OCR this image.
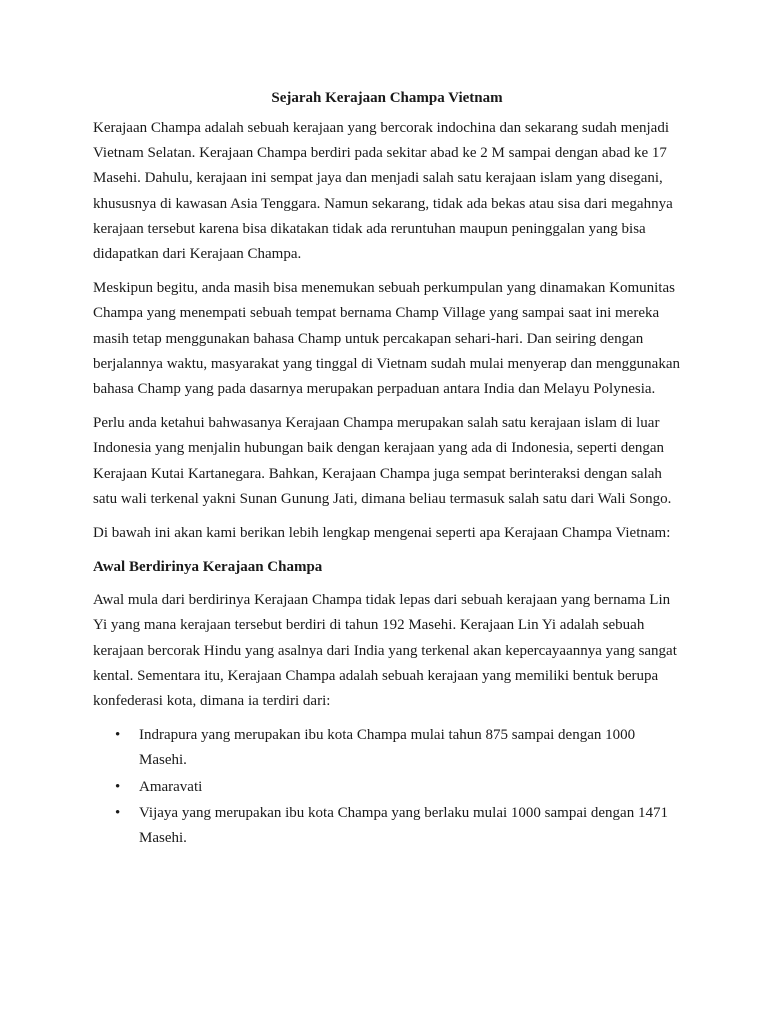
Sejarah Kerajaan Champa Vietnam

Kerajaan Champa adalah sebuah kerajaan yang bercorak indochina dan sekarang sudah menjadi Vietnam Selatan. Kerajaan Champa berdiri pada sekitar abad ke 2 M sampai dengan abad ke 17 Masehi. Dahulu, kerajaan ini sempat jaya dan menjadi salah satu kerajaan islam yang disegani, khususnya di kawasan Asia Tenggara. Namun sekarang, tidak ada bekas atau sisa dari megahnya kerajaan tersebut karena bisa dikatakan tidak ada reruntuhan maupun peninggalan yang bisa didapatkan dari Kerajaan Champa.

Meskipun begitu, anda masih bisa menemukan sebuah perkumpulan yang dinamakan Komunitas Champa yang menempati sebuah tempat bernama Champ Village yang sampai saat ini mereka masih tetap menggunakan bahasa Champ untuk percakapan sehari-hari. Dan seiring dengan berjalannya waktu, masyarakat yang tinggal di Vietnam sudah mulai menyerap dan menggunakan bahasa Champ yang pada dasarnya merupakan perpaduan antara India dan Melayu Polynesia.

Perlu anda ketahui bahwasanya Kerajaan Champa merupakan salah satu kerajaan islam di luar Indonesia yang menjalin hubungan baik dengan kerajaan yang ada di Indonesia, seperti dengan Kerajaan Kutai Kartanegara. Bahkan, Kerajaan Champa juga sempat berinteraksi dengan salah satu wali terkenal yakni Sunan Gunung Jati, dimana beliau termasuk salah satu dari Wali Songo.

Di bawah ini akan kami berikan lebih lengkap mengenai seperti apa Kerajaan Champa Vietnam:

Awal Berdirinya Kerajaan Champa

Awal mula dari berdirinya Kerajaan Champa tidak lepas dari sebuah kerajaan yang bernama Lin Yi yang mana kerajaan tersebut berdiri di tahun 192 Masehi. Kerajaan Lin Yi adalah sebuah kerajaan bercorak Hindu yang asalnya dari India yang terkenal akan kepercayaannya yang sangat kental. Sementara itu, Kerajaan Champa adalah sebuah kerajaan yang memiliki bentuk berupa konfederasi kota, dimana ia terdiri dari:

• Indrapura yang merupakan ibu kota Champa mulai tahun 875 sampai dengan 1000 Masehi.
• Amaravati
• Vijaya yang merupakan ibu kota Champa yang berlaku mulai 1000 sampai dengan 1471 Masehi.
